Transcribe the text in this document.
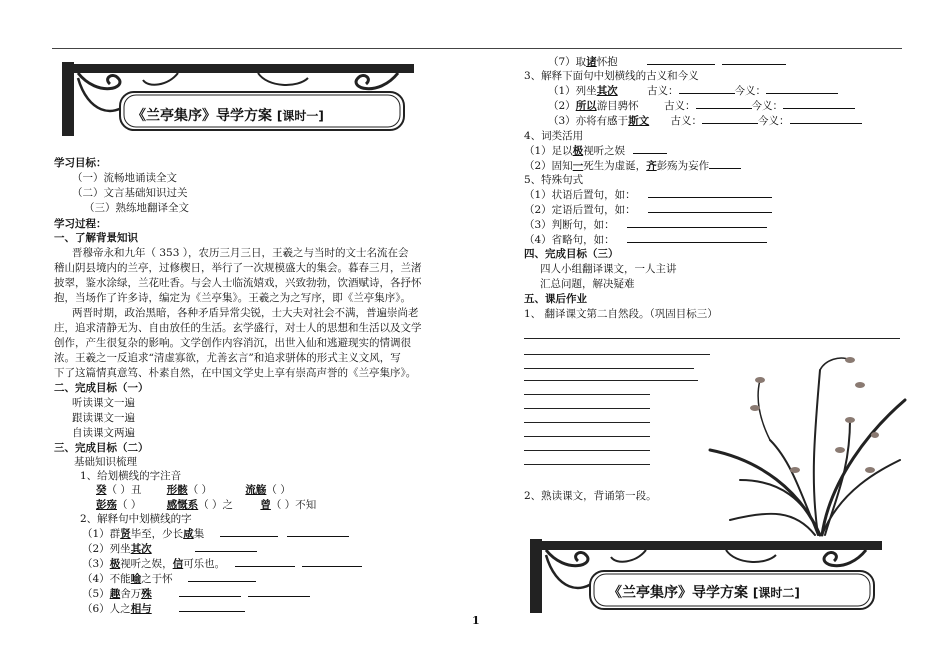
《兰亭集序》导学方案 [课时一]
学习目标：
（一）流畅地诵读全文
（二）文言基础知识过关
（三）熟练地翻译全文
学习过程：
一、了解背景知识
晋穆帝永和九年（ 353 ），农历三月三日，王羲之与当时的文士名流在会
稽山阴县境内的兰亭，过修楔日，举行了一次规模盛大的集会。暮春三月，兰渚
披翠，鉴水涂绿，兰花吐香。与会人士临流嬉戏，兴致勃勃，饮酒赋诗，各抒怀
抱，当场作了许多诗，编定为《兰亭集》。王羲之为之写序，即《兰亭集序》。
两晋时期，政治黑暗，各种矛盾异常尖锐，士大夫对社会不满，普遍崇尚老
庄，追求清静无为、自由放任的生活。玄学盛行，对士人的思想和生活以及文学
创作，产生很复杂的影响。文学创作内容消沉，出世入仙和逃避现实的情调很
浓。王羲之一反追求“清虚寡欲，尤善玄言”和追求骈体的形式主义文风，写
下了这篇情真意笃、朴素自然，在中国文学史上享有崇高声誉的《兰亭集序》。
二、完成目标（一）
听读课文一遍
跟读课文一遍
自读课文两遍
三、完成目标（二）
基础知识梳理
1、给划横线的字注音
癸（ ）丑 形骸（ ）	流觞（ ）
彭殇（ ） 感慨系（ ）之	曾（ ）不知
2、解释句中划横线的字
（1）群贤毕至，少长咸集
（2）列坐其次
（3）极视听之娱，信可乐也。
（4）不能喻之于怀
（5）趣舍万殊
（6）人之相与
（7）取诸怀抱
3、解释下面句中划横线的古义和今义
（1）列坐其次	古义：	今义：
（2）所以游目骋怀 古义：	今义：
（3）亦将有感于斯文 古义：	今义：
4、词类活用
（1）足以极视听之娱
（2）固知一死生为虚诞，齐彭殇为妄作
5、特殊句式
（1）状语后置句，如：
（2）定语后置句，如：
（3）判断句，如：
（4）省略句，如：
四、完成目标（三）
四人小组翻译课文，一人主讲
汇总问题，解决疑难
五、课后作业
1、 翻译课文第二自然段。（巩固目标三）
2、熟读课文，背诵第一段。
《兰亭集序》导学方案 [课时二]
1
